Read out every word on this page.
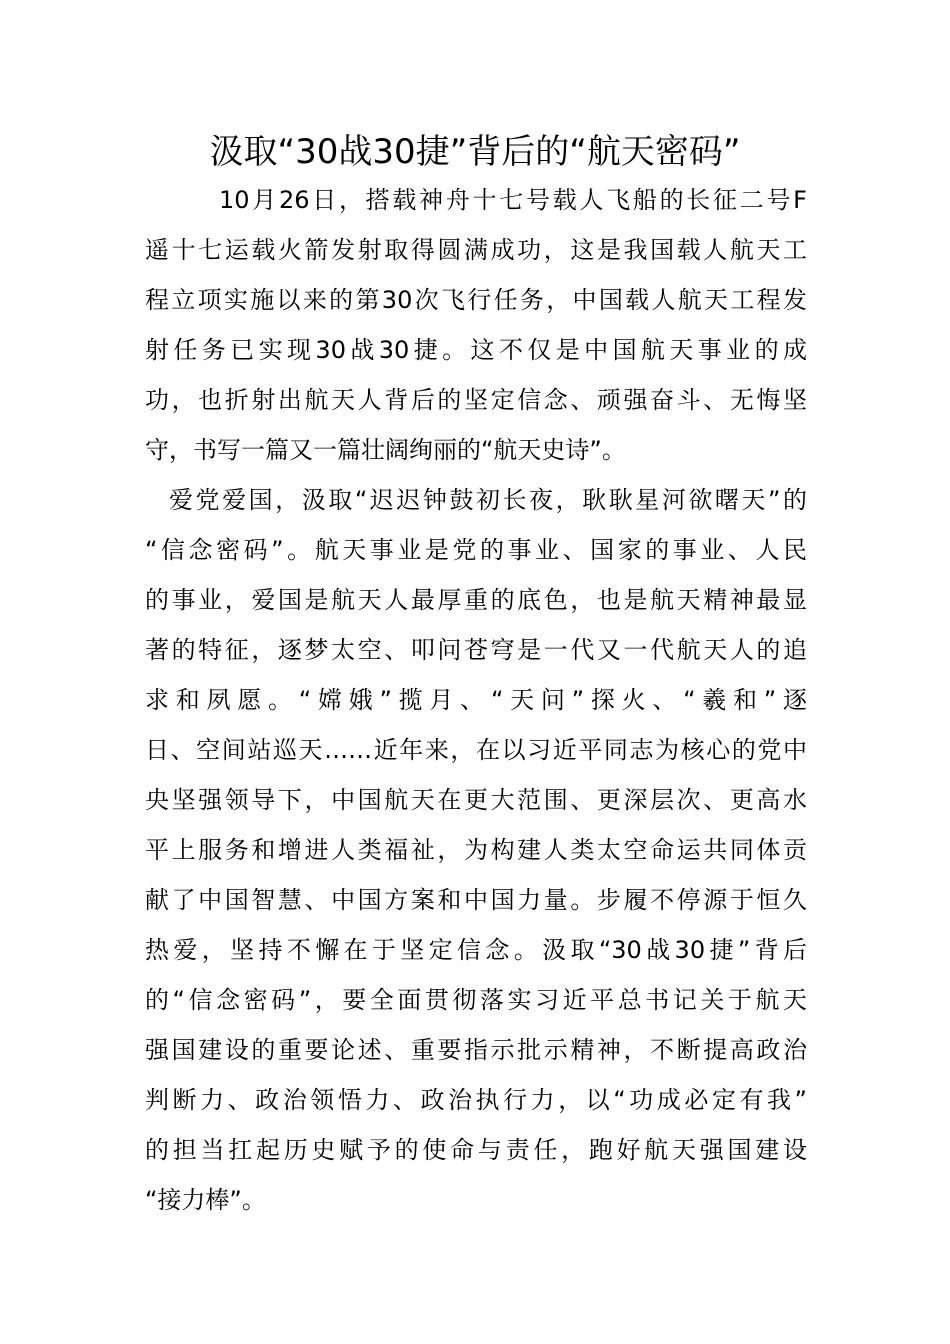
汲取“30战30捷”背后的“航天密码”
10月26日，搭载神舟十七号载人飞船的长征二号F
遥十七运载火箭发射取得圆满成功，这是我国载人航天工
程立项实施以来的第30次飞行任务，中国载人航天工程发
射任务已实现30战30捷。这不仅是中国航天事业的成
功，也折射出航天人背后的坚定信念、顽强奋斗、无悔坚
守，书写一篇又一篇壮阔绚丽的“航天史诗”。
爱党爱国，汲取“迟迟钟鼓初长夜，耿耿星河欲曙天”的
“信念密码”。航天事业是党的事业、国家的事业、人民
的事业，爱国是航天人最厚重的底色，也是航天精神最显
著的特征，逐梦太空、叩问苍穹是一代又一代航天人的追
求和夙愿。“嫦娥”揽月、“天问”探火、“羲和”逐
日、空间站巡天……近年来，在以习近平同志为核心的党中
央坚强领导下，中国航天在更大范围、更深层次、更高水
平上服务和增进人类福祉，为构建人类太空命运共同体贡
献了中国智慧、中国方案和中国力量。步履不停源于恒久
热爱，坚持不懈在于坚定信念。汲取“30战30捷”背后
的“信念密码”，要全面贯彻落实习近平总书记关于航天
强国建设的重要论述、重要指示批示精神，不断提高政治
判断力、政治领悟力、政治执行力，以“功成必定有我”
的担当扛起历史赋予的使命与责任，跑好航天强国建设
“接力棒”。
